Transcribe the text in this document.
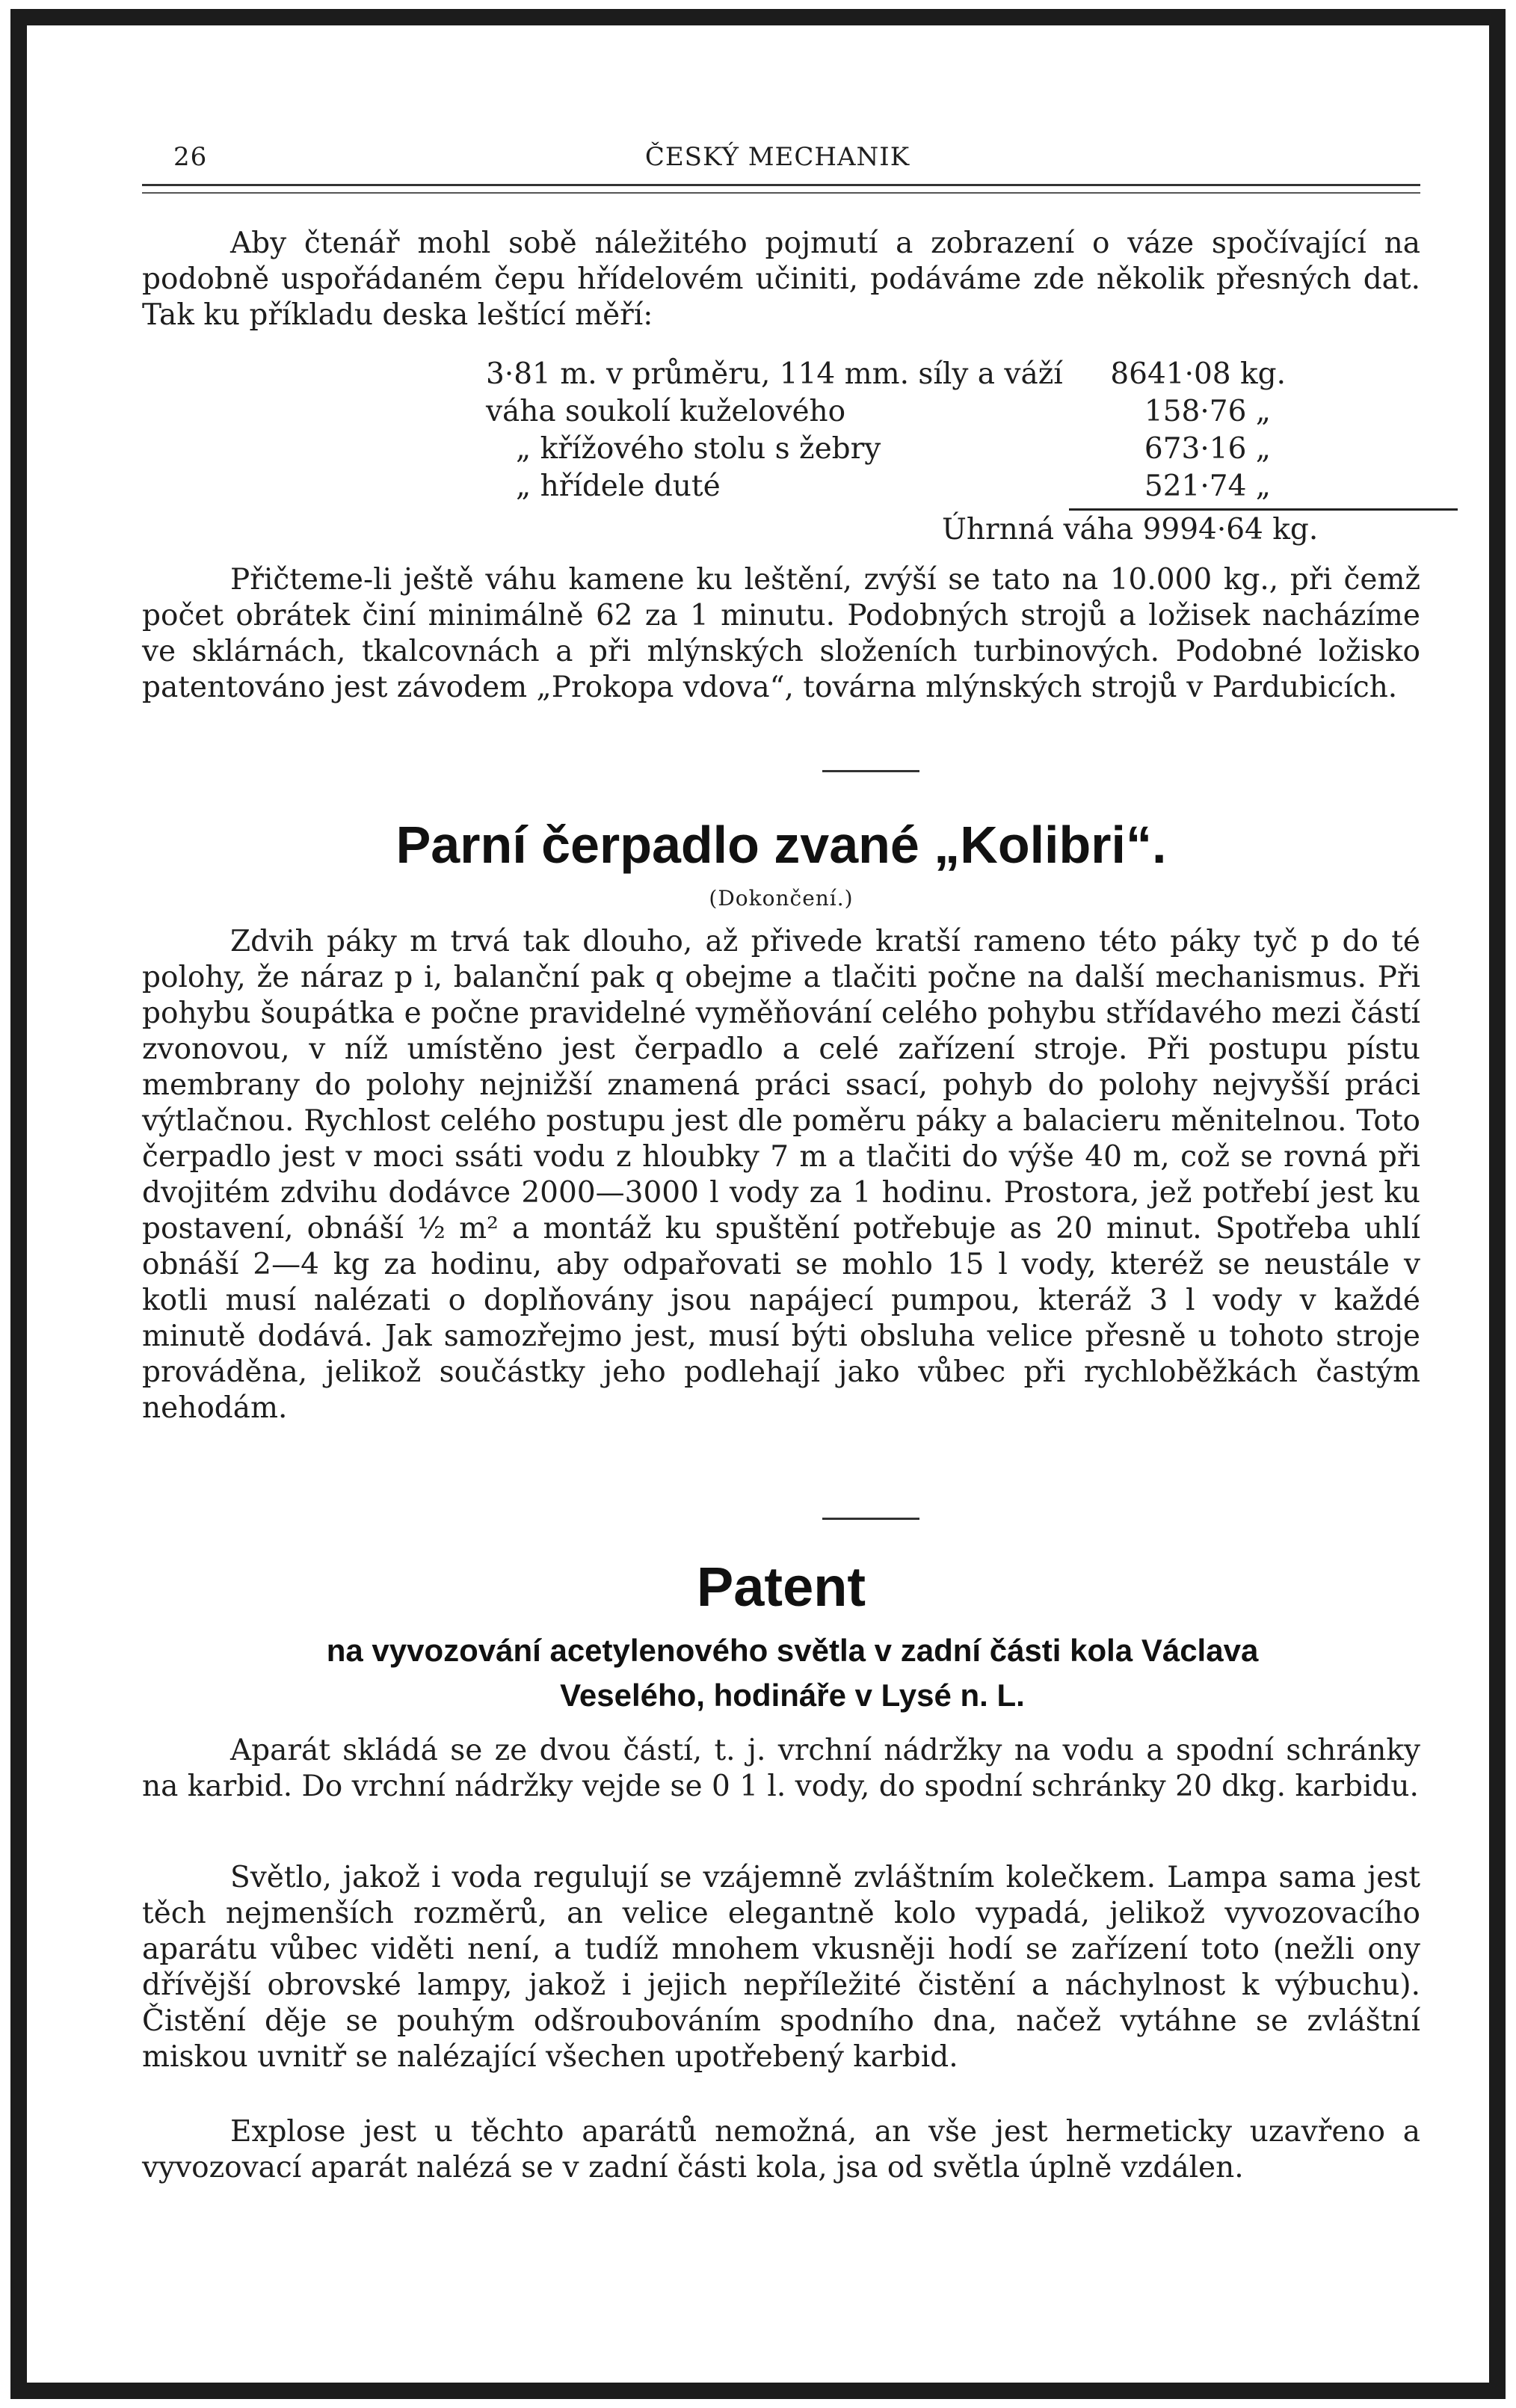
26	ČESKÝ MECHANIK

Aby čtenář mohl sobě náležitého pojmutí a zobrazení o váze spočívající na podobně uspořádaném čepu hřídelovém učiniti, podáváme zde několik přesných dat. Tak ku příkladu deska leštící měří:

3·81 m. v průměru, 114 mm. síly a váží 8641·08 kg.
váha soukolí kuželového	158·76 „
„ křížového stolu s žebry	673·16 „
„ hřídele duté	521·74 „
Úhrnná váha 9994·64 kg.

Přičteme-li ještě váhu kamene ku leštění, zvýší se tato na 10.000 kg., při čemž počet obrátek činí minimálně 62 za 1 minutu. Podobných strojů a ložisek nacházíme ve sklárnách, tkalcovnách a při mlýnských složeních turbinových. Podobné ložisko patentováno jest závodem „Prokopa vdova“, továrna mlýnských strojů v Pardubicích.

Parní čerpadlo zvané „Kolibri“.
(Dokončení.)

Zdvih páky m trvá tak dlouho, až přivede kratší rameno této páky tyč p do té polohy, že náraz p i, balanční pak q obejme a tlačiti počne na další mechanismus. Při pohybu šoupátka e počne pravidelné vyměňování celého pohybu střídavého mezi částí zvonovou, v níž umístěno jest čerpadlo a celé zařízení stroje. Při postupu pístu membrany do polohy nejnižší znamená práci ssací, pohyb do polohy nejvyšší práci výtlačnou. Rychlost celého postupu jest dle poměru páky a balacieru měnitelnou. Toto čerpadlo jest v moci ssáti vodu z hloubky 7 m a tlačiti do výše 40 m, což se rovná při dvojitém zdvihu dodávce 2000—3000 l vody za 1 hodinu. Prostora, jež potřebí jest ku postavení, obnáší ½ m² a montáž ku spuštění potřebuje as 20 minut. Spotřeba uhlí obnáší 2—4 kg za hodinu, aby odpařovati se mohlo 15 l vody, kteréž se neustále v kotli musí nalézati o doplňovány jsou napájecí pumpou, kteráž 3 l vody v každé minutě dodává. Jak samozřejmo jest, musí býti obsluha velice přesně u tohoto stroje prováděna, jelikož součástky jeho podlehají jako vůbec při rychloběžkách častým nehodám.

Patent
na vyvozování acetylenového světla v zadní části kola Václava Veselého, hodináře v Lysé n. L.

Aparát skládá se ze dvou částí, t. j. vrchní nádržky na vodu a spodní schránky na karbid. Do vrchní nádržky vejde se 0 1 l. vody, do spodní schránky 20 dkg. karbidu.

Světlo, jakož i voda regulují se vzájemně zvláštním kolečkem. Lampa sama jest těch nejmenších rozměrů, an velice elegantně kolo vypadá, jelikož vyvozovacího aparátu vůbec viděti není, a tudíž mnohem vkusněji hodí se zařízení toto (nežli ony dřívější obrovské lampy, jakož i jejich nepříležité čistění a náchylnost k výbuchu). Čistění děje se pouhým odšroubováním spodního dna, načež vytáhne se zvláštní miskou uvnitř se nalézající všechen upotřebený karbid.

Explose jest u těchto aparátů nemožná, an vše jest hermeticky uzavřeno a vyvozovací aparát nalézá se v zadní části kola, jsa od světla úplně vzdálen.
